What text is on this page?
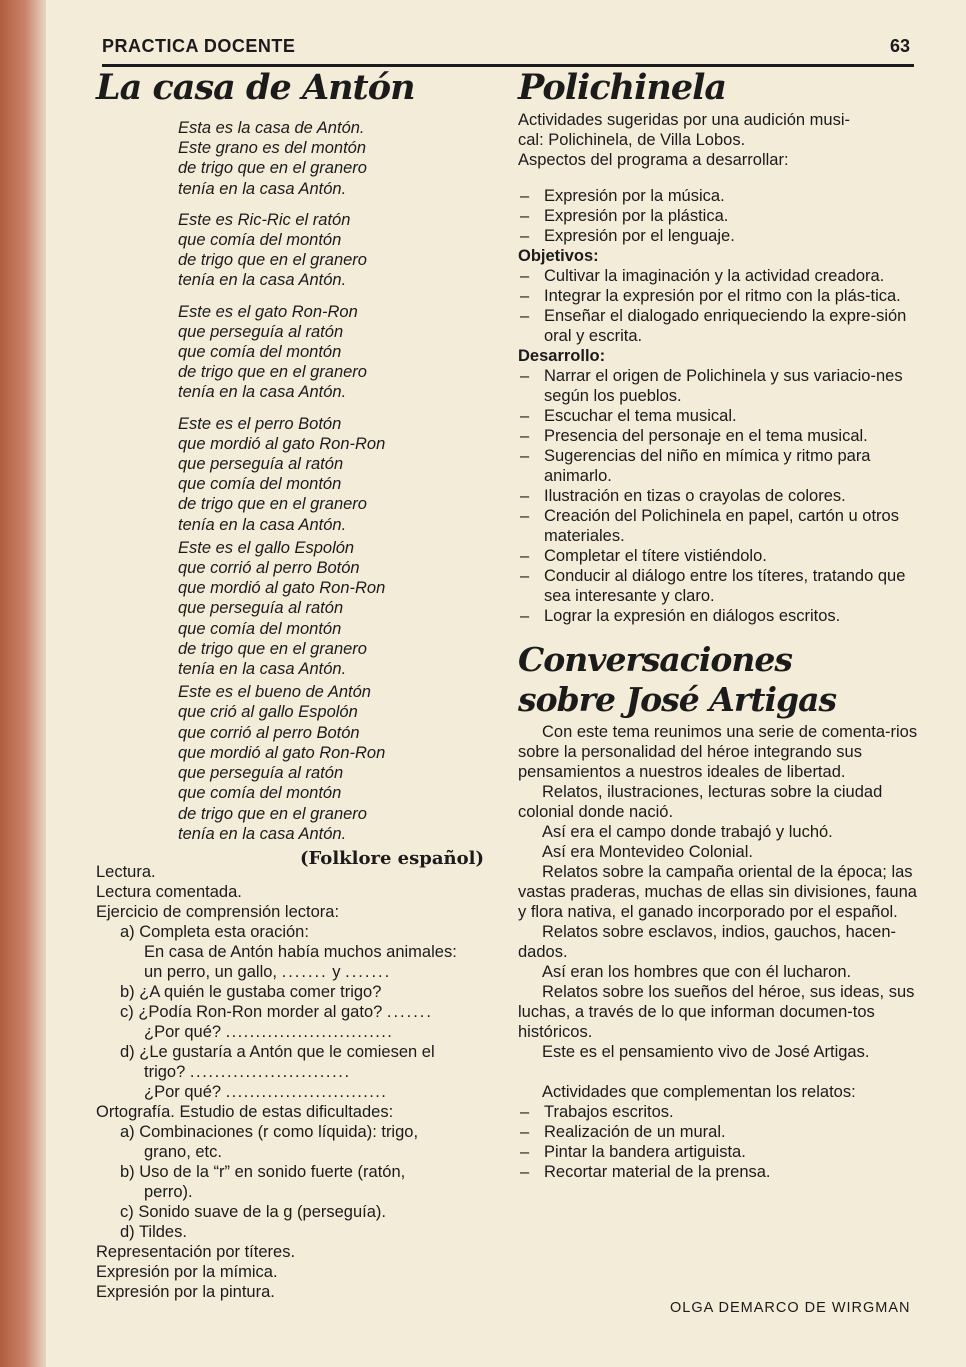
PRACTICA DOCENTE	63
La casa de Antón
Esta es la casa de Antón.
Este grano es del montón
de trigo que en el granero
tenía en la casa Antón.
Este es Ric-Ric el ratón
que comía del montón
de trigo que en el granero
tenía en la casa Antón.
Este es el gato Ron-Ron
que perseguía al ratón
que comía del montón
de trigo que en el granero
tenía en la casa Antón.
Este es el perro Botón
que mordió al gato Ron-Ron
que perseguía al ratón
que comía del montón
de trigo que en el granero
tenía en la casa Antón.
Este es el gallo Espolón
que corrió al perro Botón
que mordió al gato Ron-Ron
que perseguía al ratón
que comía del montón
de trigo que en el granero
tenía en la casa Antón.
Este es el bueno de Antón
que crió al gallo Espolón
que corrió al perro Botón
que mordió al gato Ron-Ron
que perseguía al ratón
que comía del montón
de trigo que en el granero
tenía en la casa Antón.
(Folklore español)

Lectura.

Lectura comentada.

Ejercicio de comprensión lectora:

a) Completa esta oración:

En casa de Antón había muchos animales:

un perro, un gallo, ....... y .......

b) ¿A quién le gustaba comer trigo?

c) ¿Podía Ron-Ron morder al gato? .......

¿Por qué? ............................

d) ¿Le gustaría a Antón que le comiesen el

trigo? ..........................

¿Por qué? ...........................

Ortografía. Estudio de estas dificultades:

a) Combinaciones (r como líquida): trigo,

grano, etc.

b) Uso de la “r” en sonido fuerte (ratón,

perro).

c) Sonido suave de la g (perseguía).

d) Tildes.

Representación por títeres.

Expresión por la mímica.

Expresión por la pintura.

Polichinela

Actividades sugeridas por una audición musi-

cal: Polichinela, de Villa Lobos.

Aspectos del programa a desarrollar:

– Expresión por la música.

– Expresión por la plástica.

– Expresión por el lenguaje.

Objetivos:

– Cultivar la imaginación y la actividad creadora.

– Integrar la expresión por el ritmo con la plás-tica.

– Enseñar el dialogado enriqueciendo la expre-sión oral y escrita.

Desarrollo:

– Narrar el origen de Polichinela y sus variacio-nes según los pueblos.

– Escuchar el tema musical.

– Presencia del personaje en el tema musical.

– Sugerencias del niño en mímica y ritmo para animarlo.

– Ilustración en tizas o crayolas de colores.

– Creación del Polichinela en papel, cartón u otros materiales.

– Completar el títere vistiéndolo.

– Conducir al diálogo entre los títeres, tratando que sea interesante y claro.

– Lograr la expresión en diálogos escritos.

Conversaciones
sobre José Artigas

Con este tema reunimos una serie de comenta-rios sobre la personalidad del héroe integrando sus pensamientos a nuestros ideales de libertad.

Relatos, ilustraciones, lecturas sobre la ciudad colonial donde nació.

Así era el campo donde trabajó y luchó.

Así era Montevideo Colonial.

Relatos sobre la campaña oriental de la época; las vastas praderas, muchas de ellas sin divisiones, fauna y flora nativa, el ganado incorporado por el español.

Relatos sobre esclavos, indios, gauchos, hacen-dados.

Así eran los hombres que con él lucharon.

Relatos sobre los sueños del héroe, sus ideas, sus luchas, a través de lo que informan documen-tos históricos.

Este es el pensamiento vivo de José Artigas.

Actividades que complementan los relatos:

– Trabajos escritos.

– Realización de un mural.

– Pintar la bandera artiguista.

– Recortar material de la prensa.

OLGA DEMARCO DE WIRGMAN
